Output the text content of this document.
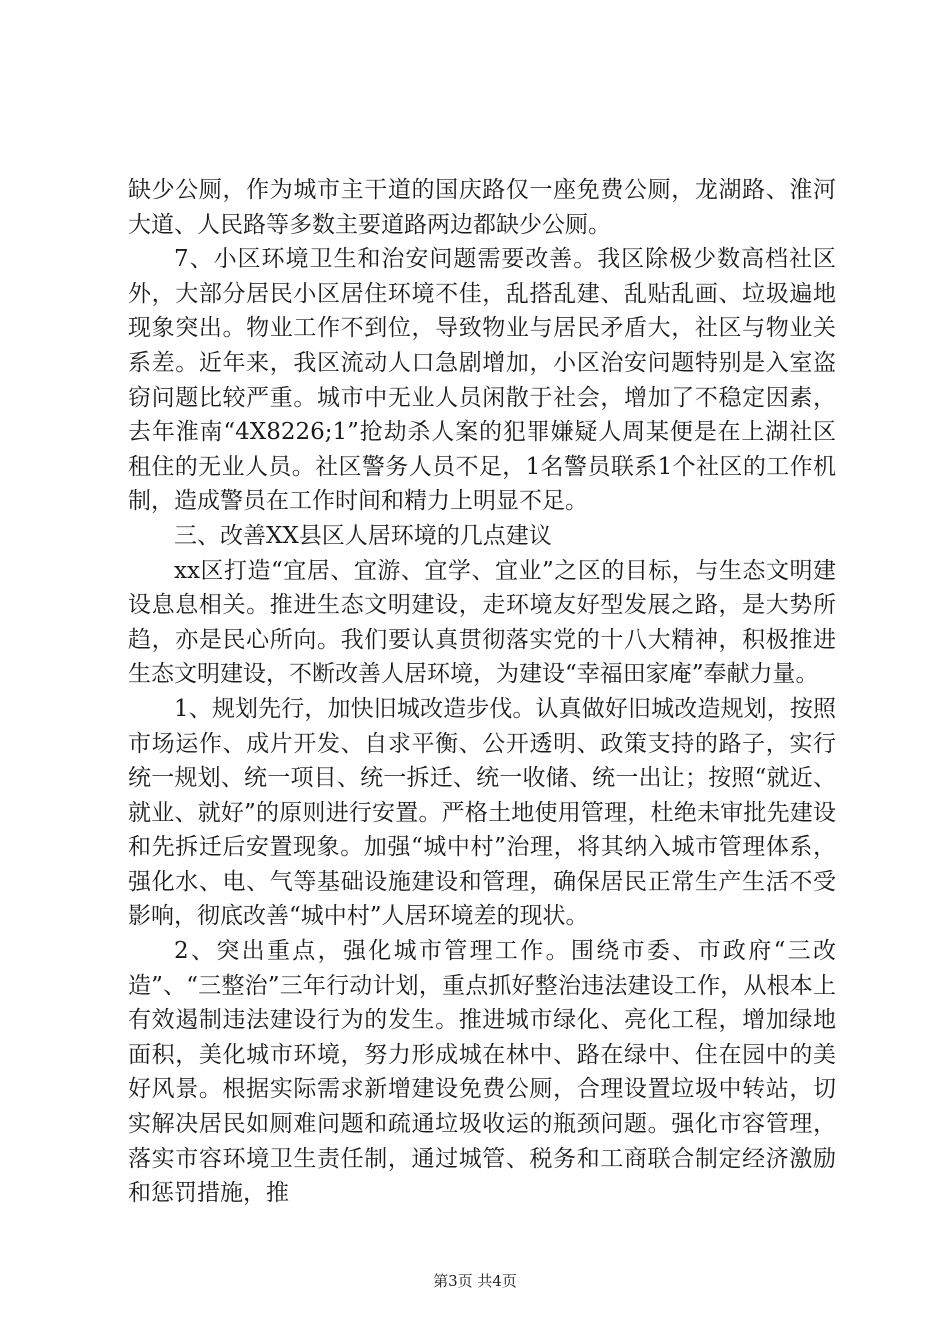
缺少公厕，作为城市主干道的国庆路仅一座免费公厕，龙湖路、淮河大道、人民路等多数主要道路两边都缺少公厕。

7、小区环境卫生和治安问题需要改善。我区除极少数高档社区外，大部分居民小区居住环境不佳，乱搭乱建、乱贴乱画、垃圾遍地现象突出。物业工作不到位，导致物业与居民矛盾大，社区与物业关系差。近年来，我区流动人口急剧增加，小区治安问题特别是入室盗窃问题比较严重。城市中无业人员闲散于社会，增加了不稳定因素，去年淮南“4X8226;1”抢劫杀人案的犯罪嫌疑人周某便是在上湖社区租住的无业人员。社区警务人员不足，1名警员联系1个社区的工作机制，造成警员在工作时间和精力上明显不足。

三、改善XX县区人居环境的几点建议

xx区打造“宜居、宜游、宜学、宜业”之区的目标，与生态文明建设息息相关。推进生态文明建设，走环境友好型发展之路，是大势所趋，亦是民心所向。我们要认真贯彻落实党的十八大精神，积极推进生态文明建设，不断改善人居环境，为建设“幸福田家庵”奉献力量。

1、规划先行，加快旧城改造步伐。认真做好旧城改造规划，按照市场运作、成片开发、自求平衡、公开透明、政策支持的路子，实行统一规划、统一项目、统一拆迁、统一收储、统一出让；按照“就近、就业、就好”的原则进行安置。严格土地使用管理，杜绝未审批先建设和先拆迁后安置现象。加强“城中村”治理，将其纳入城市管理体系，强化水、电、气等基础设施建设和管理，确保居民正常生产生活不受影响，彻底改善“城中村”人居环境差的现状。

2、突出重点，强化城市管理工作。围绕市委、市政府“三改造”、“三整治”三年行动计划，重点抓好整治违法建设工作，从根本上有效遏制违法建设行为的发生。推进城市绿化、亮化工程，增加绿地面积，美化城市环境，努力形成城在林中、路在绿中、住在园中的美好风景。根据实际需求新增建设免费公厕，合理设置垃圾中转站，切实解决居民如厕难问题和疏通垃圾收运的瓶颈问题。强化市容管理，落实市容环境卫生责任制，通过城管、税务和工商联合制定经济激励和惩罚措施，推

第3页 共4页
